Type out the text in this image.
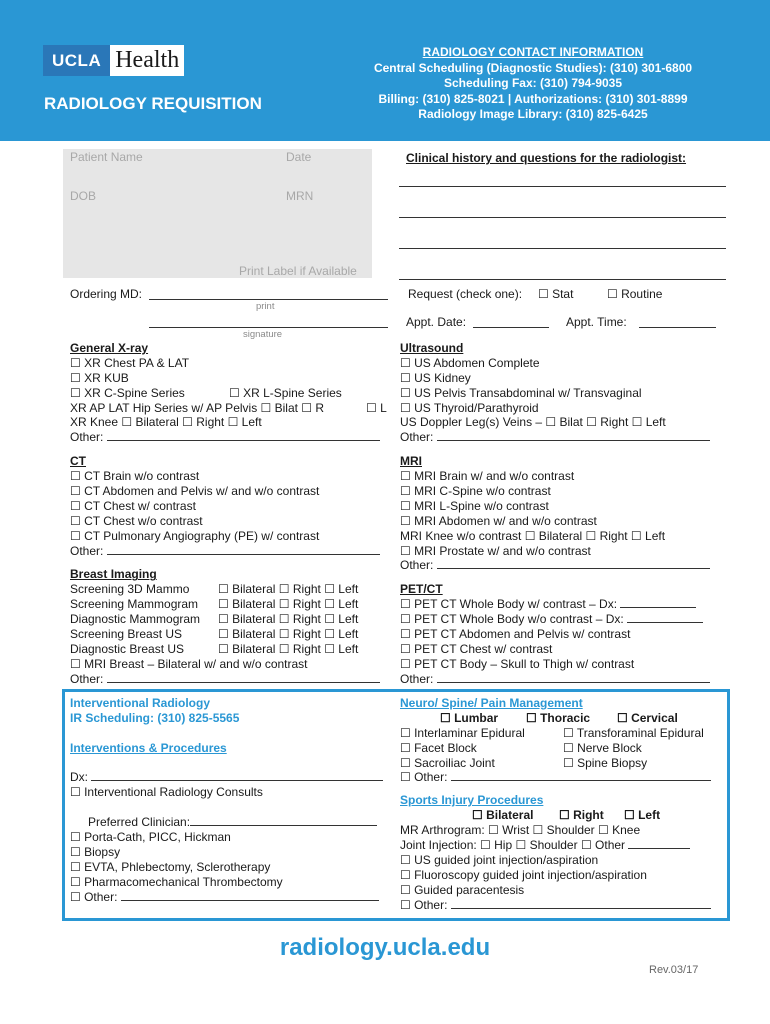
UCLA Health
RADIOLOGY REQUISITION
RADIOLOGY CONTACT INFORMATION
Central Scheduling (Diagnostic Studies): (310) 301-6800
Scheduling Fax: (310) 794-9035
Billing: (310) 825-8021 | Authorizations: (310) 301-8899
Radiology Image Library: (310) 825-6425
Patient Name	Date
DOB	MRN
Print Label if Available
Clinical history and questions for the radiologist:
Ordering MD:
print
signature
Request (check one): ☐ Stat	☐ Routine
Appt. Date:	Appt. Time:
General X-ray
☐ XR Chest PA & LAT
☐ XR KUB
☐ XR C-Spine Series	☐ XR L-Spine Series
XR AP LAT Hip Series w/ AP Pelvis ☐ Bilat ☐ R	☐ L
XR Knee ☐ Bilateral ☐ Right ☐ Left
Other:
CT
☐ CT Brain w/o contrast
☐ CT Abdomen and Pelvis w/ and w/o contrast
☐ CT Chest w/ contrast
☐ CT Chest w/o contrast
☐ CT Pulmonary Angiography (PE) w/ contrast
Other:
Breast Imaging
Screening 3D Mammo ☐ Bilateral ☐ Right ☐ Left
Screening Mammogram ☐ Bilateral ☐ Right ☐ Left
Diagnostic Mammogram ☐ Bilateral ☐ Right ☐ Left
Screening Breast US	☐ Bilateral ☐ Right ☐ Left
Diagnostic Breast US	☐ Bilateral ☐ Right ☐ Left
☐ MRI Breast – Bilateral w/ and w/o contrast
Other:
Ultrasound
☐ US Abdomen Complete
☐ US Kidney
☐ US Pelvis Transabdominal w/ Transvaginal
☐ US Thyroid/Parathyroid
US Doppler Leg(s) Veins – ☐ Bilat ☐ Right ☐ Left
Other:
MRI
☐ MRI Brain w/ and w/o contrast
☐ MRI C-Spine w/o contrast
☐ MRI L-Spine w/o contrast
☐ MRI Abdomen w/ and w/o contrast
MRI Knee w/o contrast ☐ Bilateral ☐ Right ☐ Left
☐ MRI Prostate w/ and w/o contrast
Other:
PET/CT
☐ PET CT Whole Body w/ contrast – Dx:
☐ PET CT Whole Body w/o contrast – Dx:
☐ PET CT Abdomen and Pelvis w/ contrast
☐ PET CT Chest w/ contrast
☐ PET CT Body – Skull to Thigh w/ contrast
Other:
Interventional Radiology
IR Scheduling: (310) 825-5565
Interventions & Procedures
Dx:
☐ Interventional Radiology Consults
Preferred Clinician:
☐ Porta-Cath, PICC, Hickman
☐ Biopsy
☐ EVTA, Phlebectomy, Sclerotherapy
☐ Pharmacomechanical Thrombectomy
☐ Other:
Neuro/ Spine/ Pain Management
☐ Lumbar ☐ Thoracic ☐ Cervical
☐ Interlaminar Epidural	☐ Transforaminal Epidural
☐ Facet Block	☐ Nerve Block
☐ Sacroiliac Joint	☐ Spine Biopsy
☐ Other:
Sports Injury Procedures
☐ Bilateral ☐ Right ☐ Left
MR Arthrogram: ☐ Wrist ☐ Shoulder ☐ Knee
Joint Injection: ☐ Hip ☐ Shoulder ☐ Other
☐ US guided joint injection/aspiration
☐ Fluoroscopy guided joint injection/aspiration
☐ Guided paracentesis
☐ Other:
radiology.ucla.edu
Rev.03/17
